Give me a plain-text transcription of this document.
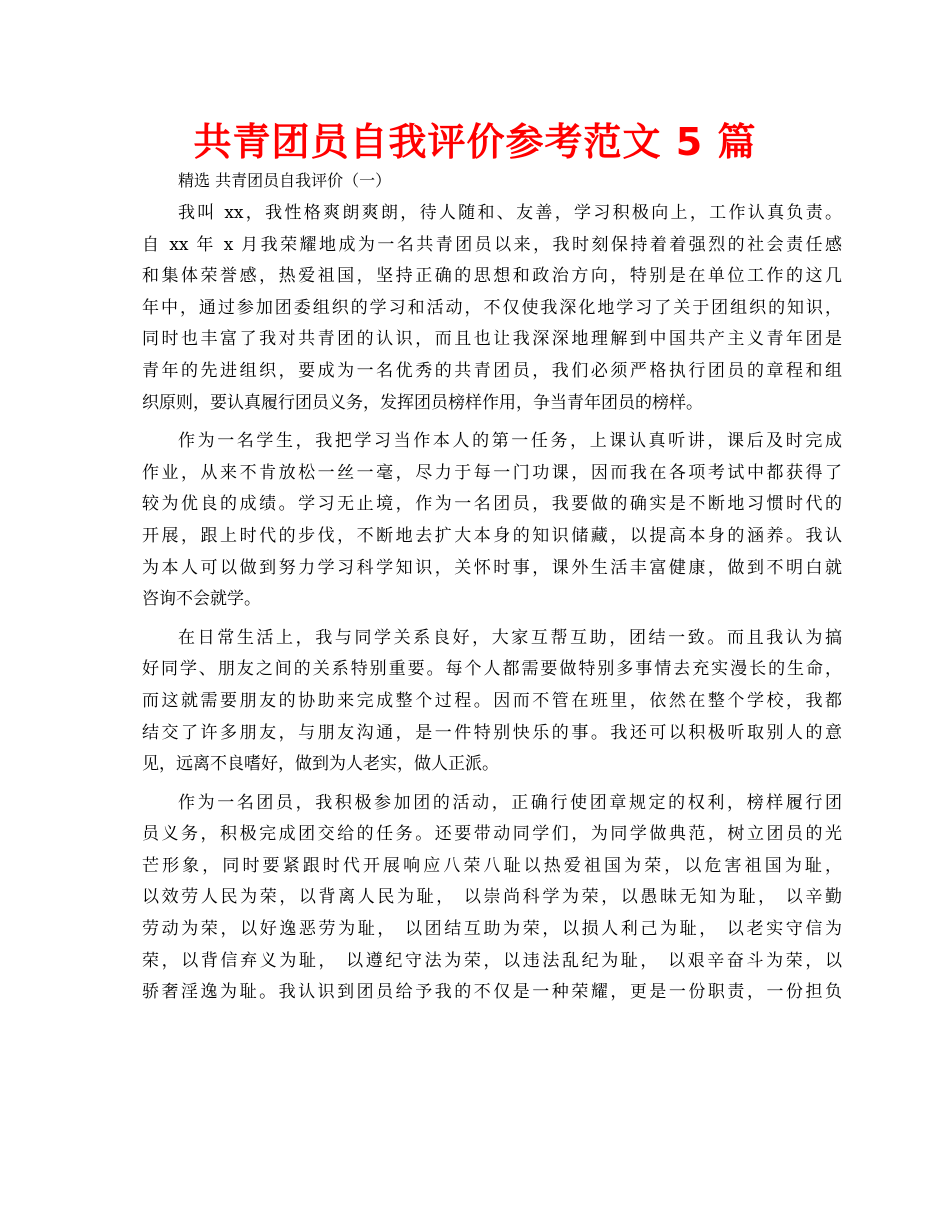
共青团员自我评价参考范文 5 篇
精选 共青团员自我评价（一）
我叫 xx，我性格爽朗爽朗，待人随和、友善，学习积极向上，工作认真负责。
自 xx 年 x 月我荣耀地成为一名共青团员以来，我时刻保持着着强烈的社会责任感
和集体荣誉感，热爱祖国，坚持正确的思想和政治方向，特别是在单位工作的这几
年中，通过参加团委组织的学习和活动，不仅使我深化地学习了关于团组织的知识，
同时也丰富了我对共青团的认识，而且也让我深深地理解到中国共产主义青年团是
青年的先进组织，要成为一名优秀的共青团员，我们必须严格执行团员的章程和组
织原则，要认真履行团员义务，发挥团员榜样作用，争当青年团员的榜样。
作为一名学生，我把学习当作本人的第一任务，上课认真听讲，课后及时完成
作业，从来不肯放松一丝一毫，尽力于每一门功课，因而我在各项考试中都获得了
较为优良的成绩。学习无止境，作为一名团员，我要做的确实是不断地习惯时代的
开展，跟上时代的步伐，不断地去扩大本身的知识储藏，以提高本身的涵养。我认
为本人可以做到努力学习科学知识，关怀时事，课外生活丰富健康，做到不明白就
咨询不会就学。
在日常生活上，我与同学关系良好，大家互帮互助，团结一致。而且我认为搞
好同学、朋友之间的关系特别重要。每个人都需要做特别多事情去充实漫长的生命，
而这就需要朋友的协助来完成整个过程。因而不管在班里，依然在整个学校，我都
结交了许多朋友，与朋友沟通，是一件特别快乐的事。我还可以积极听取别人的意
见，远离不良嗜好，做到为人老实，做人正派。
作为一名团员，我积极参加团的活动，正确行使团章规定的权利，榜样履行团
员义务，积极完成团交给的任务。还要带动同学们，为同学做典范，树立团员的光
芒形象，同时要紧跟时代开展响应八荣八耻以热爱祖国为荣，以危害祖国为耻，
以效劳人民为荣，以背离人民为耻， 以崇尚科学为荣，以愚昧无知为耻， 以辛勤
劳动为荣，以好逸恶劳为耻， 以团结互助为荣，以损人利己为耻， 以老实守信为
荣，以背信弃义为耻， 以遵纪守法为荣，以违法乱纪为耻， 以艰辛奋斗为荣，以
骄奢淫逸为耻。我认识到团员给予我的不仅是一种荣耀，更是一份职责，一份担负
